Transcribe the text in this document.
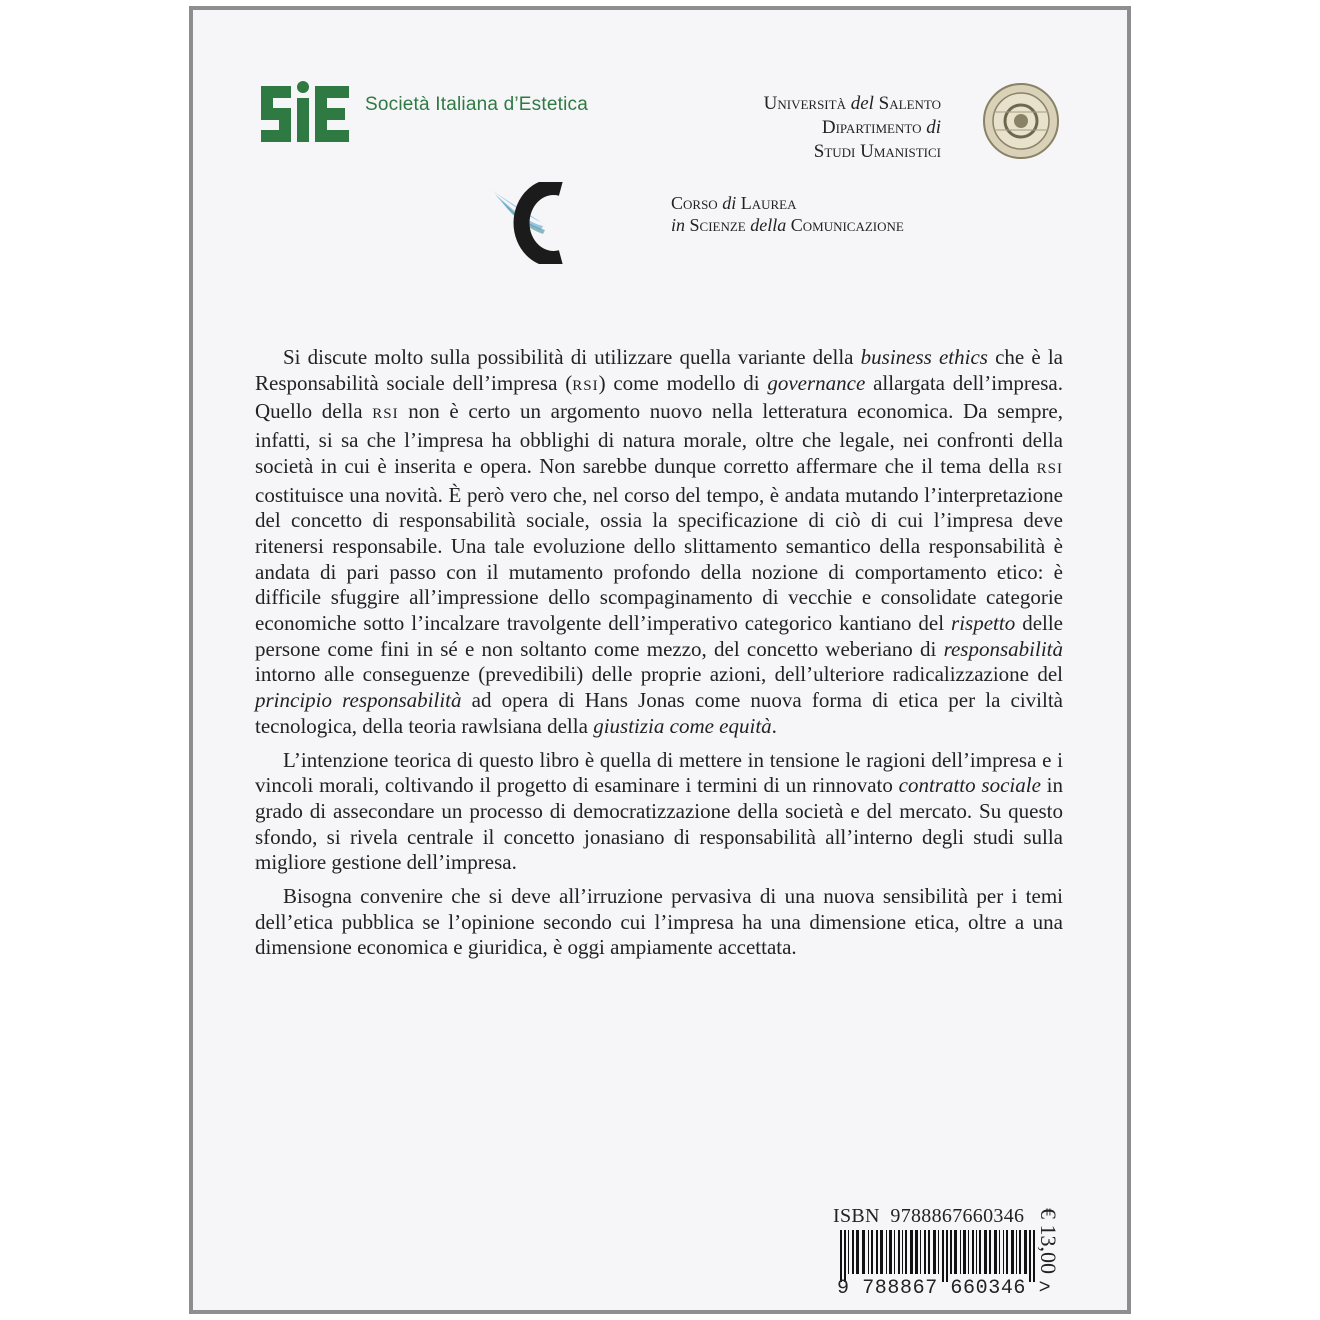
Società Italiana d’Estetica	Università del Salento
Dipartimento di
Studi Umanistici
Corso di Laurea
in Scienze della Comunicazione

Si discute molto sulla possibilità di utilizzare quella variante della business ethics che è la Responsabilità sociale dell’impresa (RSI) come modello di governance allargata dell’impresa. Quello della RSI non è certo un argomento nuovo nella letteratura economica. Da sempre, infatti, si sa che l’impresa ha obblighi di natura morale, oltre che legale, nei confronti della società in cui è inserita e opera. Non sarebbe dunque corretto affermare che il tema della RSI costituisce una novità. È però vero che, nel corso del tempo, è andata mutando l’interpretazione del concetto di responsabilità sociale, ossia la specificazione di ciò di cui l’impresa deve ritenersi responsabile. Una tale evoluzione dello slittamento semantico della responsabilità è andata di pari passo con il mutamento profondo della nozione di comportamento etico: è difficile sfuggire all’impressione dello scompaginamento di vecchie e consolidate categorie economiche sotto l’incalzare travolgente dell’imperativo categorico kantiano del rispetto delle persone come fini in sé e non soltanto come mezzo, del concetto weberiano di responsabilità intorno alle conseguenze (prevedibili) delle proprie azioni, dell’ulteriore radicalizzazione del principio responsabilità ad opera di Hans Jonas come nuova forma di etica per la civiltà tecnologica, della teoria rawlsiana della giustizia come equità.

L’intenzione teorica di questo libro è quella di mettere in tensione le ragioni dell’impresa e i vincoli morali, coltivando il progetto di esaminare i termini di un rinnovato contratto sociale in grado di assecondare un processo di democratizzazione della società e del mercato. Su questo sfondo, si rivela centrale il concetto jonasiano di responsabilità all’interno degli studi sulla migliore gestione dell’impresa.

Bisogna convenire che si deve all’irruzione pervasiva di una nuova sensibilità per i temi dell’etica pubblica se l’opinione secondo cui l’impresa ha una dimensione etica, oltre a una dimensione economica e giuridica, è oggi ampiamente accettata.

ISBN 9788867660346
9 788867 660346 >
€ 13,00
